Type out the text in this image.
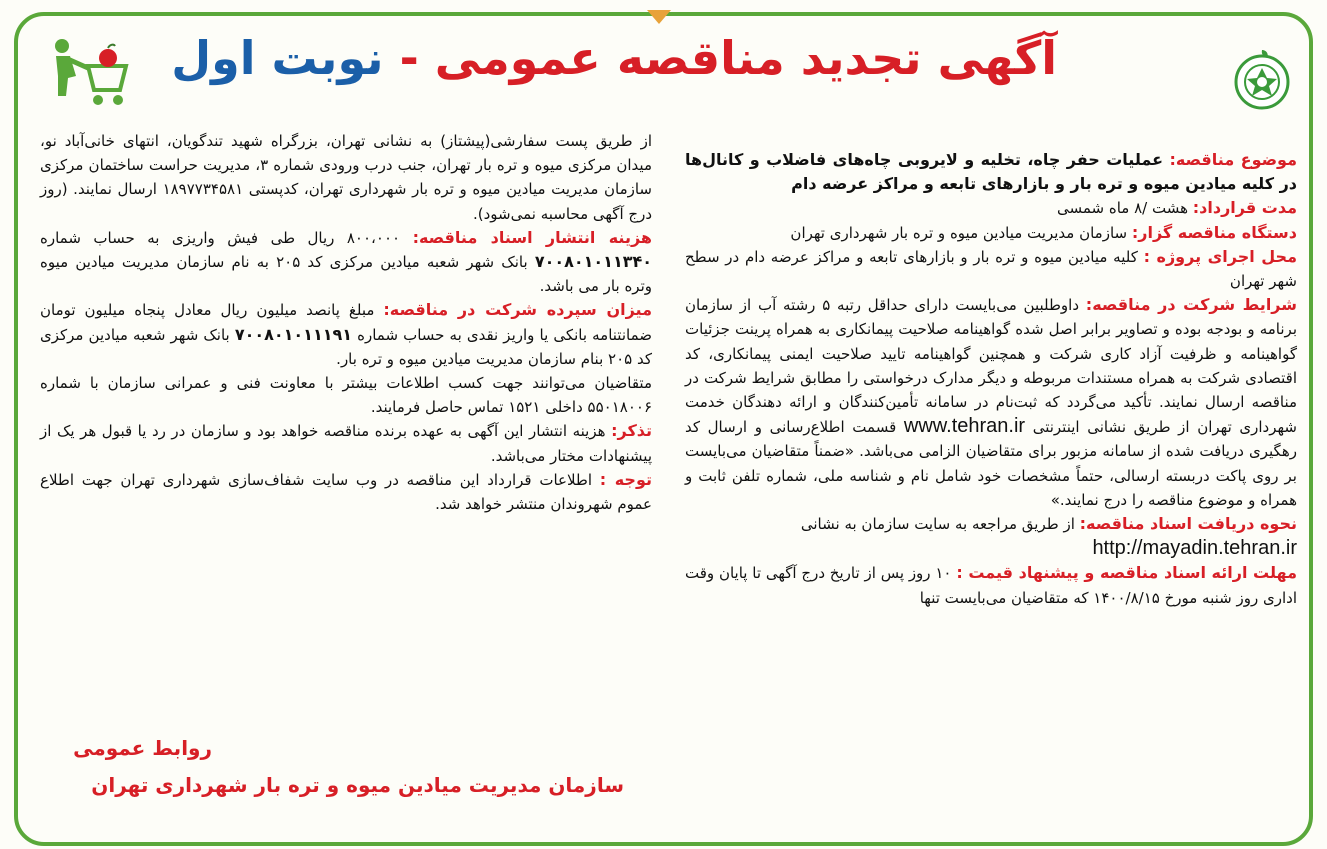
آگهی تجدید مناقصه عمومی - نوبت اول

موضوع مناقصه: عملیات حفر چاه، تخلیه و لایروبی چاه‌های فاضلاب و کانال‌ها در کلیه میادین میوه و تره بار و بازارهای تابعه و مراکز عرضه دام

مدت قرارداد: هشت /۸ ماه شمسی

دستگاه مناقصه گزار: سازمان مدیریت میادین میوه و تره بار شهرداری تهران

محل اجرای پروژه : کلیه میادین میوه و تره بار و بازارهای تابعه و مراکز عرضه دام در سطح شهر تهران

شرایط شرکت در مناقصه: داوطلبین می‌بایست دارای حداقل رتبه ۵ رشته آب از سازمان برنامه و بودجه بوده و تصاویر برابر اصل شده گواهینامه صلاحیت پیمانکاری به همراه پرینت جزئیات گواهینامه و ظرفیت آزاد کاری شرکت و همچنین گواهینامه تایید صلاحیت ایمنی پیمانکاری، کد اقتصادی شرکت به همراه مستندات مربوطه و دیگر مدارک درخواستی را مطابق شرایط شرکت در مناقصه ارسال نمایند. تأکید می‌گردد که ثبت‌نام در سامانه تأمین‌کنندگان و ارائه دهندگان خدمت شهرداری تهران از طریق نشانی اینترنتی www.tehran.ir قسمت اطلاع‌رسانی و ارسال کد رهگیری دریافت شده از سامانه مزبور برای متقاضیان الزامی می‌باشد. «ضمناً متقاضیان می‌بایست بر روی پاکت دربسته ارسالی، حتماً مشخصات خود شامل نام و شناسه ملی، شماره تلفن ثابت و همراه و موضوع مناقصه را درج نمایند.»

نحوه دریافت اسناد مناقصه: از طریق مراجعه به سایت سازمان به نشانی

http://mayadin.tehran.ir

مهلت ارائه اسناد مناقصه و پیشنهاد قیمت : ۱۰ روز پس از تاریخ درج آگهی تا پایان وقت اداری روز شنبه مورخ ۱۴۰۰/۸/۱۵ که متقاضیان می‌بایست تنها

از طریق پست سفارشی(پیشتاز) به نشانی تهران، بزرگراه شهید تندگویان، انتهای خانی‌آباد نو، میدان مرکزی میوه و تره بار تهران، جنب درب ورودی شماره ۳، مدیریت حراست ساختمان مرکزی سازمان مدیریت میادین میوه و تره بار شهرداری تهران، کدپستی ۱۸۹۷۷۳۴۵۸۱ ارسال نمایند. (روز درج آگهی محاسبه نمی‌شود).

هزینه انتشار اسناد مناقصه: ۸۰۰،۰۰۰ ریال طی فیش واریزی به حساب شماره ۷۰۰۸۰۱۰۱۱۳۴۰ بانک شهر شعبه میادین مرکزی کد ۲۰۵ به نام سازمان مدیریت میادین میوه وتره بار می باشد.

میزان سپرده شرکت در مناقصه: مبلغ پانصد میلیون ریال معادل پنجاه میلیون تومان ضمانتنامه بانکی یا واریز نقدی به حساب شماره ۷۰۰۸۰۱۰۱۱۱۹۱ بانک شهر شعبه میادین مرکزی کد ۲۰۵ بنام سازمان مدیریت میادین میوه و تره بار.

متقاضیان می‌توانند جهت کسب اطلاعات بیشتر با معاونت فنی و عمرانی سازمان با شماره ۵۵۰۱۸۰۰۶ داخلی ۱۵۲۱ تماس حاصل فرمایند.

تذکر: هزینه انتشار این آگهی به عهده برنده مناقصه خواهد بود و سازمان در رد یا قبول هر یک از پیشنهادات مختار می‌باشد.

توجه : اطلاعات قرارداد این مناقصه در وب سایت شفاف‌سازی شهرداری تهران جهت اطلاع عموم شهروندان منتشر خواهد شد.

روابط عمومی
سازمان مدیریت میادین میوه و تره بار شهرداری تهران
